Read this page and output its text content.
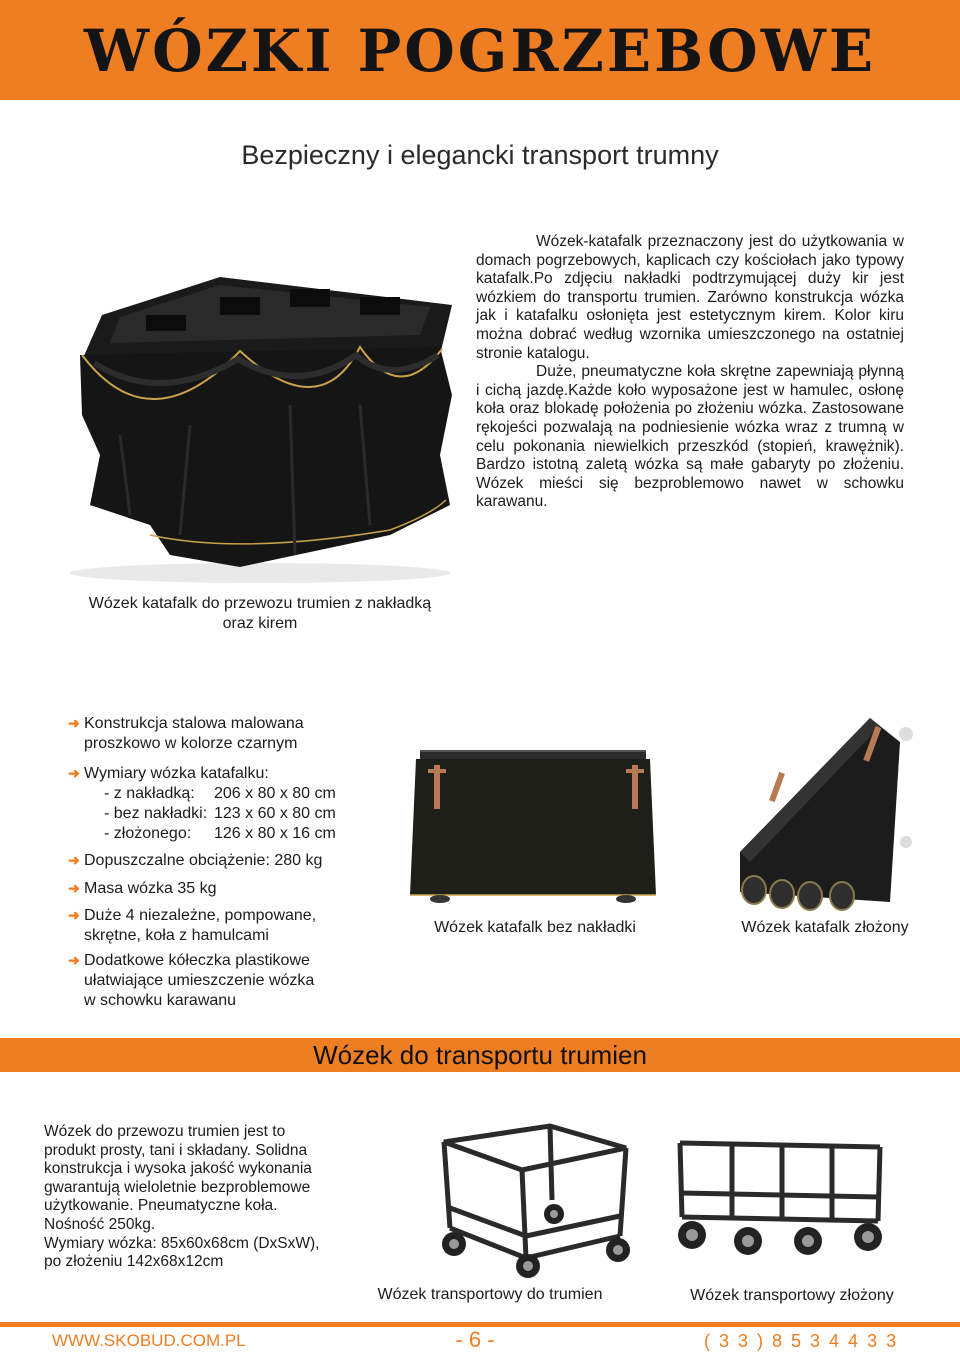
WÓZKI POGRZEBOWE
Bezpieczny i elegancki transport trumny

Wózek-katafalk przeznaczony jest do użytkowania w domach pogrzebowych, kaplicach czy kościołach jako typowy katafalk.Po zdjęciu nakładki podtrzymującej duży kir jest wózkiem do transportu trumien. Zarówno konstrukcja wózka jak i katafalku osłonięta jest estetycznym kirem. Kolor kiru można dobrać według wzornika umieszczonego na ostatniej stronie katalogu.

Duże, pneumatyczne koła skrętne zapewniają płynną i cichą jazdę.Każde koło wyposażone jest w hamulec, osłonę koła oraz blokadę położenia po złożeniu wózka. Zastosowane rękojeści pozwalają na podniesienie wózka wraz z trumną w celu pokonania niewielkich przeszkód (stopień, krawężnik). Bardzo istotną zaletą wózka są małe gabaryty po złożeniu. Wózek mieści się bezproblemowo nawet w schowku karawanu.

Wózek katafalk do przewozu trumien z nakładką
oraz kirem
➜ Konstrukcja stalowa malowana
proszkowo w kolorze czarnym
➜ Wymiary wózka katafalku:
- z nakładką: 206 x 80 x 80 cm
- bez nakładki: 123 x 60 x 80 cm
- złożonego: 126 x 80 x 16 cm
➜ Dopuszczalne obciążenie: 280 kg
➜ Masa wózka 35 kg
➜ Duże 4 niezależne, pompowane,
skrętne, koła z hamulcami
➜ Dodatkowe kółeczka plastikowe
ułatwiające umieszczenie wózka
w schowku karawanu
Wózek katafalk bez nakładki	Wózek katafalk złożony
Wózek do transportu trumien
Wózek do przewozu trumien jest to
produkt prosty, tani i składany. Solidna
konstrukcja i wysoka jakość wykonania
gwarantują wieloletnie bezproblemowe
użytkowanie. Pneumatyczne koła.
Nośność 250kg.
Wymiary wózka: 85x60x68cm (DxSxW),
po złożeniu 142x68x12cm
Wózek transportowy do trumien	Wózek transportowy złożony
WWW.SKOBUD.COM.PL	- 6 -	( 3 3 ) 8 5 3 4 4 3 3
